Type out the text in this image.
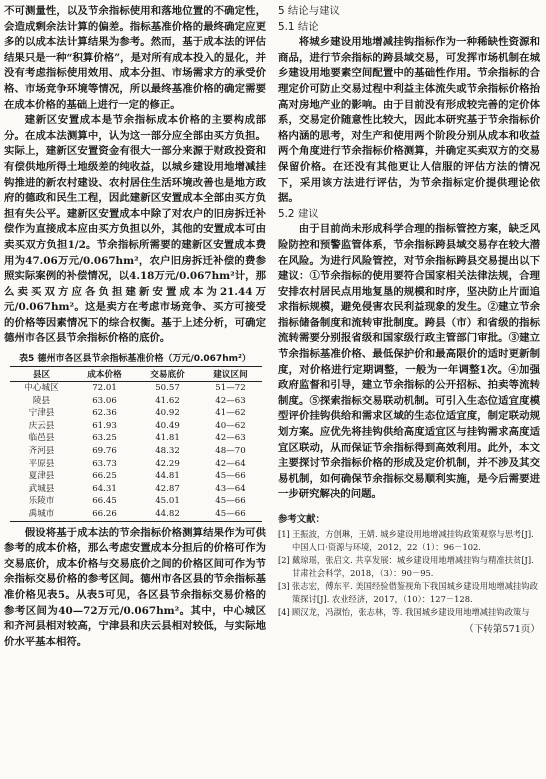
不可测量性，以及节余指标使用和落地位置的不确定性，会造成剩余法计算的偏差。指标基准价格的最终确定应更多的以成本法计算结果为参考。然而，基于成本法的评估结果只是一种“积算价格”，是对所有成本投入的显化，并没有考虑指标使用效用、成本分担、市场需求方的承受价格、市场竞争环境等情况，所以最终基准价格的确定需要在成本价格的基础上进行一定的修正。

建新区安置成本是节余指标成本价格的主要构成部分。在成本法测算中，认为这一部分应全部由买方负担。实际上，建新区安置资金有很大一部分来源于财政投资和有偿供地所得土地级差的纯收益，以城乡建设用地增减挂钩推进的新农村建设、农村居住生活环境改善也是地方政府的德政和民生工程，因此建新区安置成本全部由买方负担有失公平。建新区安置成本中除了对农户的旧房拆迁补偿作为直接成本应由买方负担以外，其他的安置成本可由卖买双方负担1/2。节余指标所需要的建新区安置成本费用为47.06万元/0.067hm²，农户旧房拆迁补偿的费参照实际案例的补偿情况，以4.18万元/0.067hm²计，那么卖买双方应各负担建新安置成本为21.44万元/0.067hm²。这是卖方在考虑市场竞争、买方可接受的价格等因素情况下的综合权衡。基于上述分析，可确定德州市各区县节余指标价格的底价。

表5 德州市各区县节余指标基准价格（万元/0.067hm²）
县区	成本价格	交易底价	建议区间
中心城区	72.01	50.57	51—72
陵县	63.06	41.62	42—63
宁津县	62.36	40.92	41—62
庆云县	61.93	40.49	40—62
临邑县	63.25	41.81	42—63
齐河县	69.76	48.32	48—70
平原县	63.73	42.29	42—64
夏津县	66.25	44.81	45—66
武城县	64.31	42.87	43—64
乐陵市	66.45	45.01	45—66
禹城市	66.26	44.82	45—66

假设将基于成本法的节余指标价格测算结果作为可供参考的成本价格，那么考虑安置成本分担后的价格可作为交易底价，成本价格与交易底价之间的价格区间可作为节余指标交易价格的参考区间。德州市各区县的节余指标基准价格见表5。从表5可见，各区县节余指标交易价格的参考区间为40—72万元/0.067hm²。其中，中心城区和齐河县相对较高，宁津县和庆云县相对较低，与实际地价水平基本相符。

5 结论与建议
5.1 结论

将城乡建设用地增减挂钩指标作为一种稀缺性资源和商品，进行节余指标的跨县域交易，可发挥市场机制在城乡建设用地要素空间配置中的基础性作用。节余指标的合理定价可防止交易过程中利益主体流失或节余指标价格抬高对房地产业的影响。由于目前没有形成较完善的定价体系，交易定价随意性比较大，因此本研究基于节余指标价格内涵的思考，对生产和使用两个阶段分别从成本和收益两个角度进行节余指标价格测算，并确定买卖双方的交易保留价格。在还没有其他更让人信服的评估方法的情况下，采用该方法进行评估，为节余指标定价提供理论依据。

5.2 建议

由于目前尚未形成科学合理的指标管控方案，缺乏风险防控和预警监管体系，节余指标跨县域交易存在较大潜在风险。为进行风险管控，对节余指标跨县交易提出以下建议：①节余指标的使用要符合国家相关法律法规，合理安排农村居民点用地复垦的规模和时序，坚决防止片面追求指标规模，避免侵害农民利益现象的发生。②建立节余指标储备制度和流转审批制度。跨县（市）和省级的指标流转需要分别报省级和国家级行政主管部门审批。③建立节余指标基准价格、最低保护价和最高限价的适时更新制度，对价格进行定期调整，一般为一年调整1次。④加强政府监督和引导，建立节余指标的公开招标、拍卖等流转制度。⑤探索指标交易联动机制。可引入生态位适宜度模型评价挂钩供给和需求区域的生态位适宜度，制定联动规划方案。应优先将挂钩供给高度适宜区与挂钩需求高度适宜区联动，从而保证节余指标得到高效利用。此外，本文主要探讨节余指标价格的形成及定价机制，并不涉及其交易机制，如何确保节余指标交易顺利实施，是今后需要进一步研究解决的问题。

参考文献：
[1] 王振波，方创琳，王婧. 城乡建设用地增减挂钩政策观察与思考[J]. 中国人口·资源与环境，2012，22（1）：96－102.
[2] 戴琼瑶，张启文. 共享发展：城乡建设用地增减挂钩与精准扶贫[J]. 甘肃社会科学，2018，（3）：90－95.
[3] 张志宏，傅东平. 美国经验借鉴视角下我国城乡建设用地增减挂钩政策探讨[J]. 农业经济，2017，（10）：127－128.
[4] 顾汉龙，冯淑怡，张志林，等. 我国城乡建设用地增减挂钩政策与
（下转第571页）
